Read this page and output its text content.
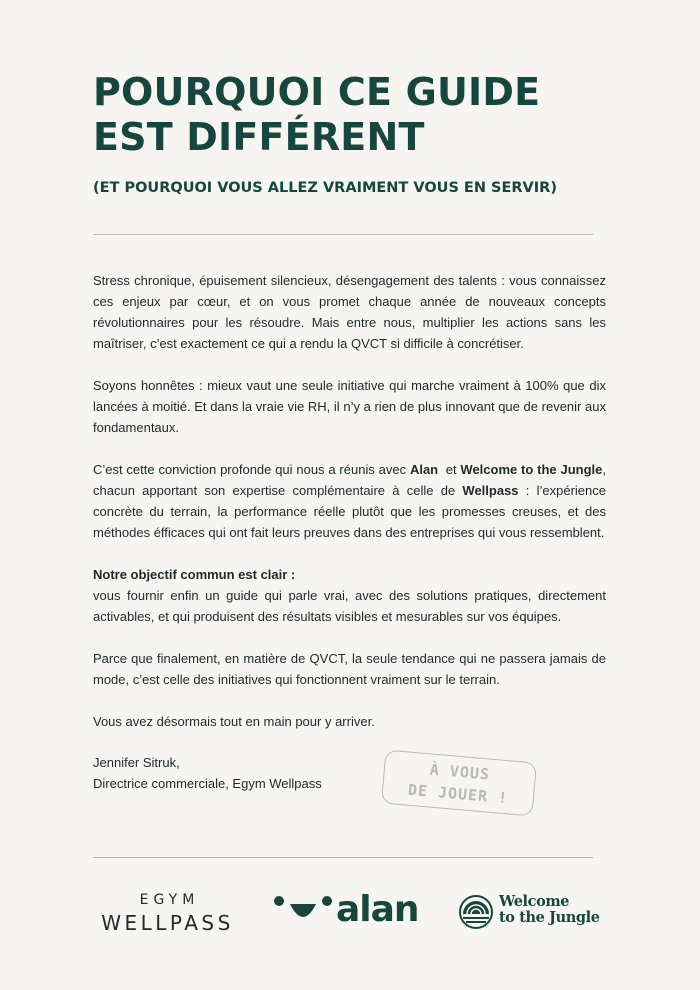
POURQUOI CE GUIDE
EST DIFFÉRENT
(ET POURQUOI VOUS ALLEZ VRAIMENT VOUS EN SERVIR)

Stress chronique, épuisement silencieux, désengagement des talents : vous connaissez ces enjeux par cœur, et on vous promet chaque année de nouveaux concepts révolutionnaires pour les résoudre. Mais entre nous, multiplier les actions sans les maîtriser, c’est exactement ce qui a rendu la QVCT si difficile à concrétiser.

Soyons honnêtes : mieux vaut une seule initiative qui marche vraiment à 100% que dix lancées à moitié. Et dans la vraie vie RH, il n’y a rien de plus innovant que de revenir aux fondamentaux.

C’est cette conviction profonde qui nous a réunis avec Alan  et Welcome to the Jungle, chacun apportant son expertise complémentaire à celle de Wellpass : l’expérience concrète du terrain, la performance réelle plutôt que les promesses creuses, et des méthodes éfficaces qui ont fait leurs preuves dans des entreprises qui vous ressemblent.

Notre objectif commun est clair :
vous fournir enfin un guide qui parle vrai, avec des solutions pratiques, directement activables, et qui produisent des résultats visibles et mesurables sur vos équipes.

Parce que finalement, en matière de QVCT, la seule tendance qui ne passera jamais de mode, c’est celle des initiatives qui fonctionnent vraiment sur le terrain.

Vous avez désormais tout en main pour y arriver.

Jennifer Sitruk,
Directrice commerciale, Egym Wellpass	À VOUS
DE JOUER !
EGYM
WELLPASS	alan	Welcome
to the Jungle
